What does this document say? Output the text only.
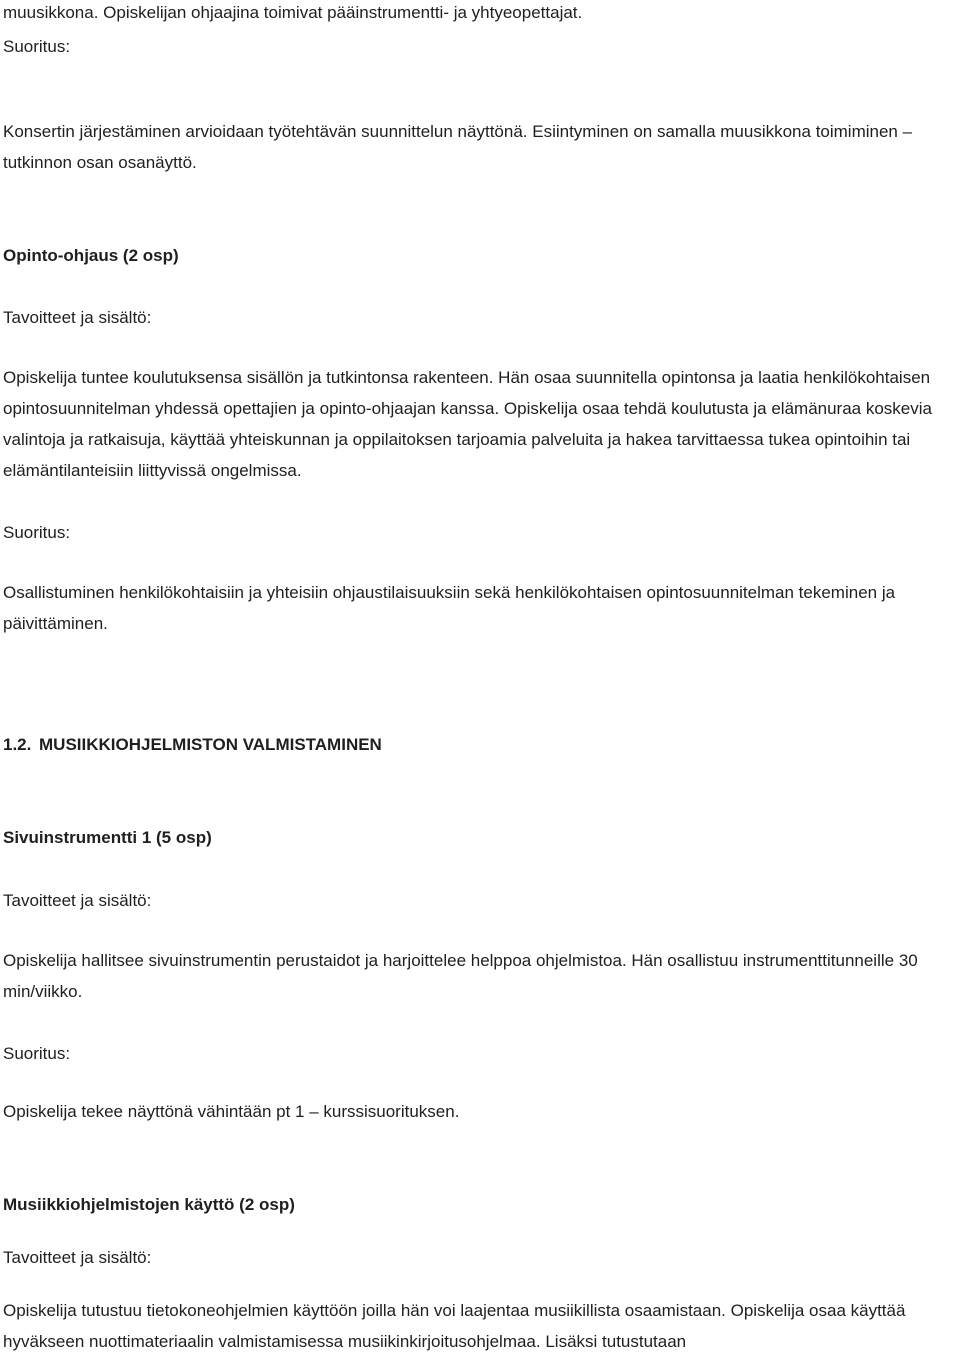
muusikkona. Opiskelijan ohjaajina toimivat pääinstrumentti- ja yhtyeopettajat.
Suoritus:

Konsertin järjestäminen arvioidaan työtehtävän suunnittelun näyttönä. Esiintyminen on samalla muusikkona toimiminen – tutkinnon osan osanäyttö.

Opinto-ohjaus (2 osp)
Tavoitteet ja sisältö:

Opiskelija tuntee koulutuksensa sisällön ja tutkintonsa rakenteen. Hän osaa suunnitella opintonsa ja laatia henkilökohtaisen opintosuunnitelman yhdessä opettajien ja opinto-ohjaajan kanssa. Opiskelija osaa tehdä koulutusta ja elämänuraa koskevia valintoja ja ratkaisuja, käyttää yhteiskunnan ja oppilaitoksen tarjoamia palveluita ja hakea tarvittaessa tukea opintoihin tai elämäntilanteisiin liittyvissä ongelmissa.

Suoritus:

Osallistuminen henkilökohtaisiin ja yhteisiin ohjaustilaisuuksiin sekä henkilökohtaisen opintosuunnitelman tekeminen ja päivittäminen.

1.2. MUSIIKKIOHJELMISTON VALMISTAMINEN
Sivuinstrumentti 1 (5 osp)
Tavoitteet ja sisältö:

Opiskelija hallitsee sivuinstrumentin perustaidot ja harjoittelee helppoa ohjelmistoa. Hän osallistuu instrumenttitunneille 30 min/viikko.

Suoritus:
Opiskelija tekee näyttönä vähintään pt 1 – kurssisuorituksen.
Musiikkiohjelmistojen käyttö (2 osp)
Tavoitteet ja sisältö:

Opiskelija tutustuu tietokoneohjelmien käyttöön joilla hän voi laajentaa musiikillista osaamistaan. Opiskelija osaa käyttää hyväkseen nuottimateriaalin valmistamisessa musiikinkirjoitusohjelmaa. Lisäksi tutustutaan
